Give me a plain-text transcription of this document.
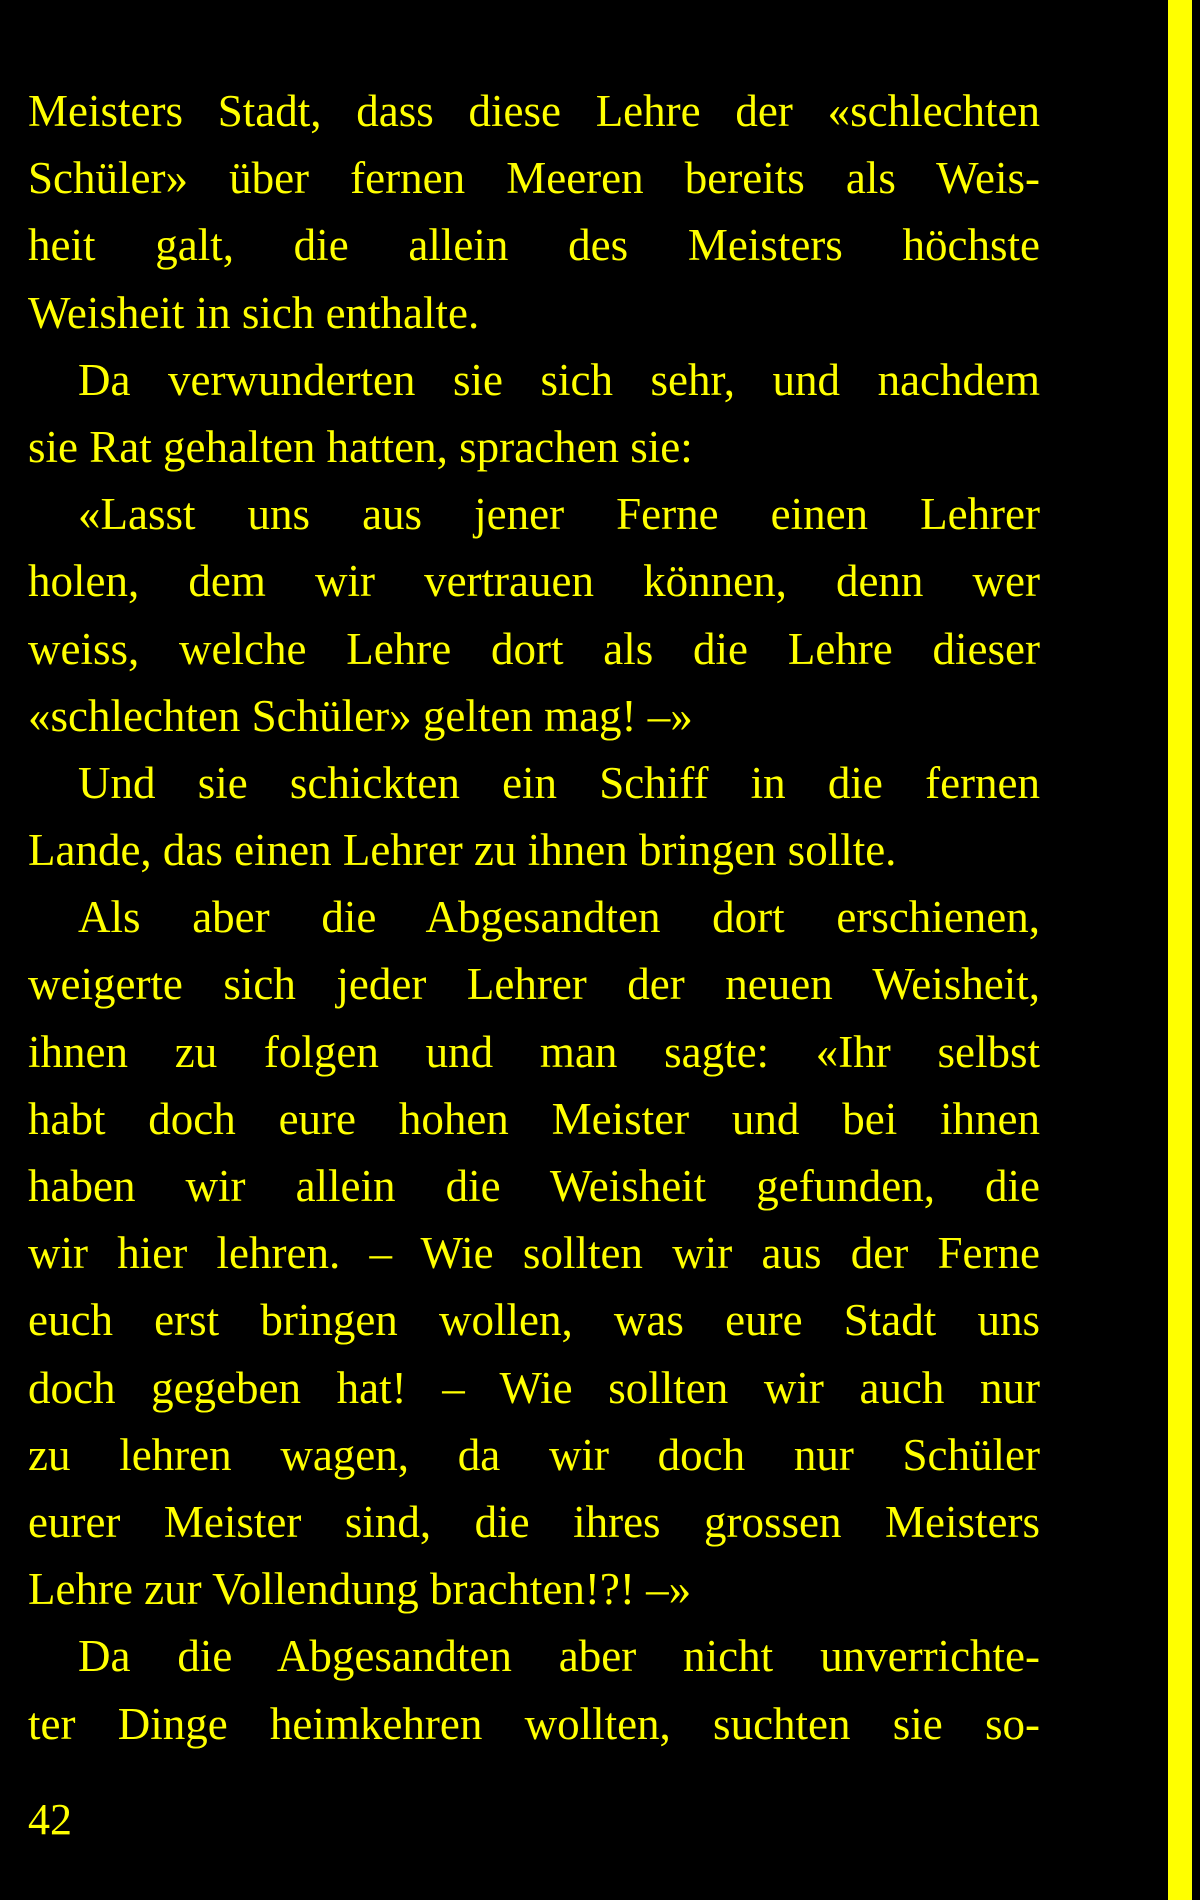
Meisters Stadt, dass diese Lehre der «schlechten
Schüler» über fernen Meeren bereits als Weis-
heit galt, die allein des Meisters höchste
Weisheit in sich enthalte.
Da verwunderten sie sich sehr, und nachdem
sie Rat gehalten hatten, sprachen sie:
«Lasst uns aus jener Ferne einen Lehrer
holen, dem wir vertrauen können, denn wer
weiss, welche Lehre dort als die Lehre dieser
«schlechten Schüler» gelten mag! –»
Und sie schickten ein Schiff in die fernen
Lande, das einen Lehrer zu ihnen bringen sollte.
Als aber die Abgesandten dort erschienen,
weigerte sich jeder Lehrer der neuen Weisheit,
ihnen zu folgen und man sagte: «Ihr selbst
habt doch eure hohen Meister und bei ihnen
haben wir allein die Weisheit gefunden, die
wir hier lehren. – Wie sollten wir aus der Ferne
euch erst bringen wollen, was eure Stadt uns
doch gegeben hat! – Wie sollten wir auch nur
zu lehren wagen, da wir doch nur Schüler
eurer Meister sind, die ihres grossen Meisters
Lehre zur Vollendung brachten!?! –»
Da die Abgesandten aber nicht unverrichte-
ter Dinge heimkehren wollten, suchten sie so-
42
